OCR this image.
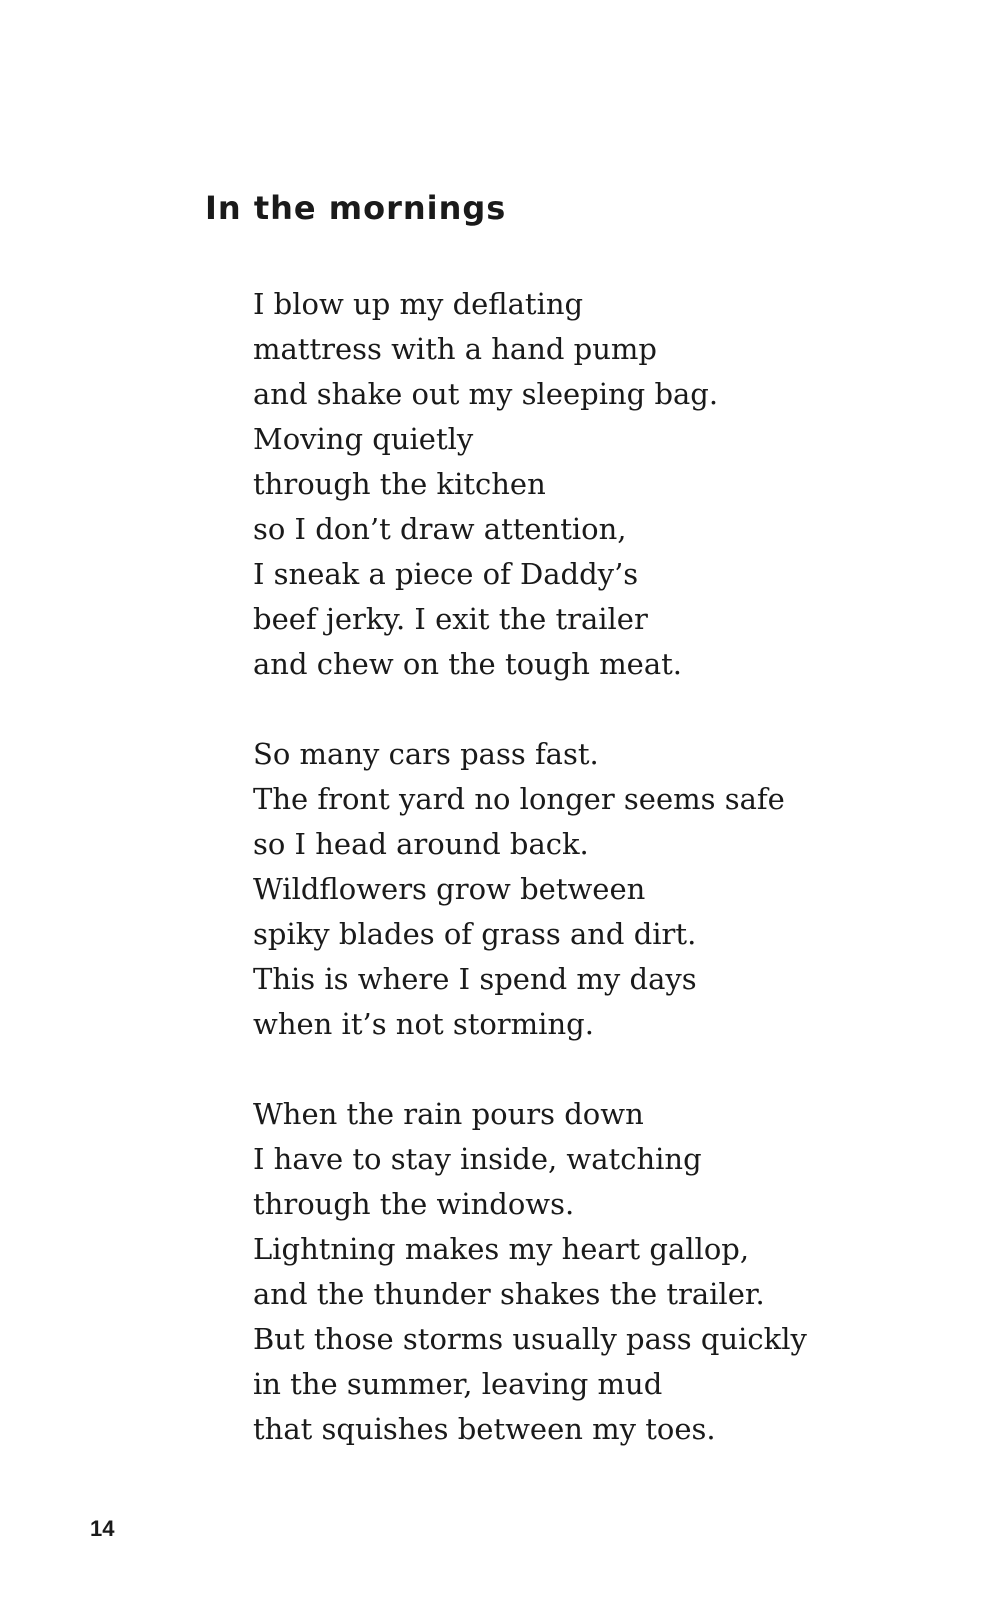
In the mornings
I blow up my deflating
mattress with a hand pump
and shake out my sleeping bag.
Moving quietly
through the kitchen
so I don’t draw attention,
I sneak a piece of Daddy’s
beef jerky. I exit the trailer
and chew on the tough meat.
So many cars pass fast.
The front yard no longer seems safe
so I head around back.
Wildflowers grow between
spiky blades of grass and dirt.
This is where I spend my days
when it’s not storming.
When the rain pours down
I have to stay inside, watching
through the windows.
Lightning makes my heart gallop,
and the thunder shakes the trailer.
But those storms usually pass quickly
in the summer, leaving mud
that squishes between my toes.
14
